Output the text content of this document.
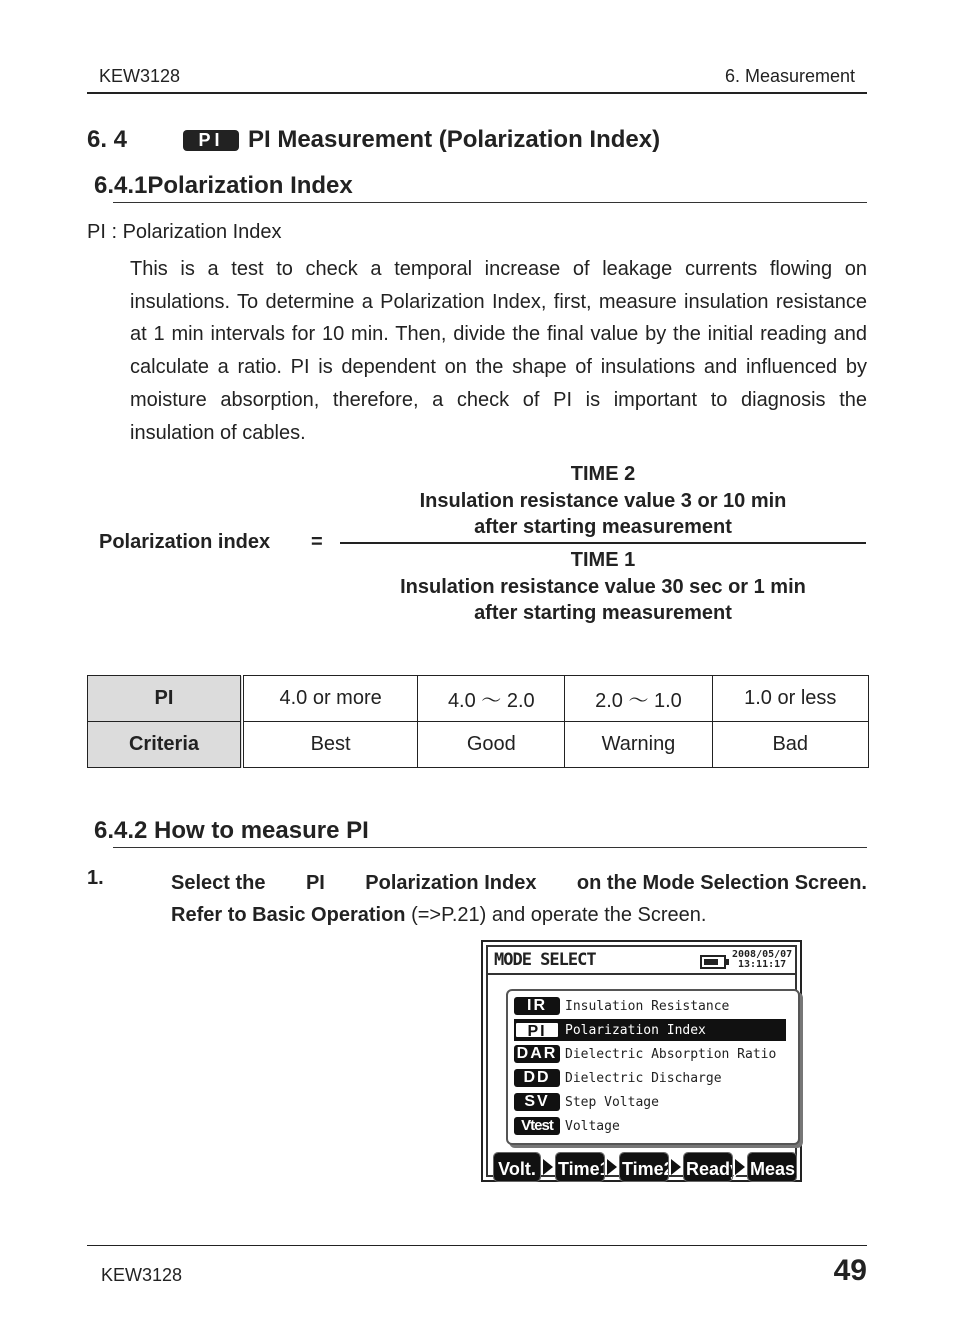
KEW3128	6. Measurement
6. 4	PI	PI Measurement (Polarization Index)
6.4.1Polarization Index
PI : Polarization Index
This is a test to check a temporal increase of leakage currents flowing on insulations. To determine a Polarization Index, first, measure insulation resistance at 1 min intervals for 10 min. Then, divide the final value by the initial reading and calculate a ratio. PI is dependent on the shape of insulations and influenced by moisture absorption, therefore, a check of PI is important to diagnosis the insulation of cables.
Polarization index =
TIME 2
Insulation resistance value 3 or 10 min
after starting measurement
TIME 1
Insulation resistance value 30 sec or 1 min
after starting measurement
PI	4.0 or more	4.0 ～ 2.0	2.0 ～ 1.0	1.0 or less
Criteria	Best	Good	Warning	Bad
6.4.2 How to measure PI
1.	Select the PI Polarization Index on the Mode Selection Screen.
Refer to Basic Operation (=>P.21) and operate the Screen.
MODE SELECT	2008/05/07
13:11:17
IR	Insulation Resistance
PI	Polarization Index
DAR Dielectric Absorption Ratio
DD	Dielectric Discharge
SV	Step Voltage
Vtest Voltage
Volt. Time1 Time2 Ready Meas.
KEW3128	49
